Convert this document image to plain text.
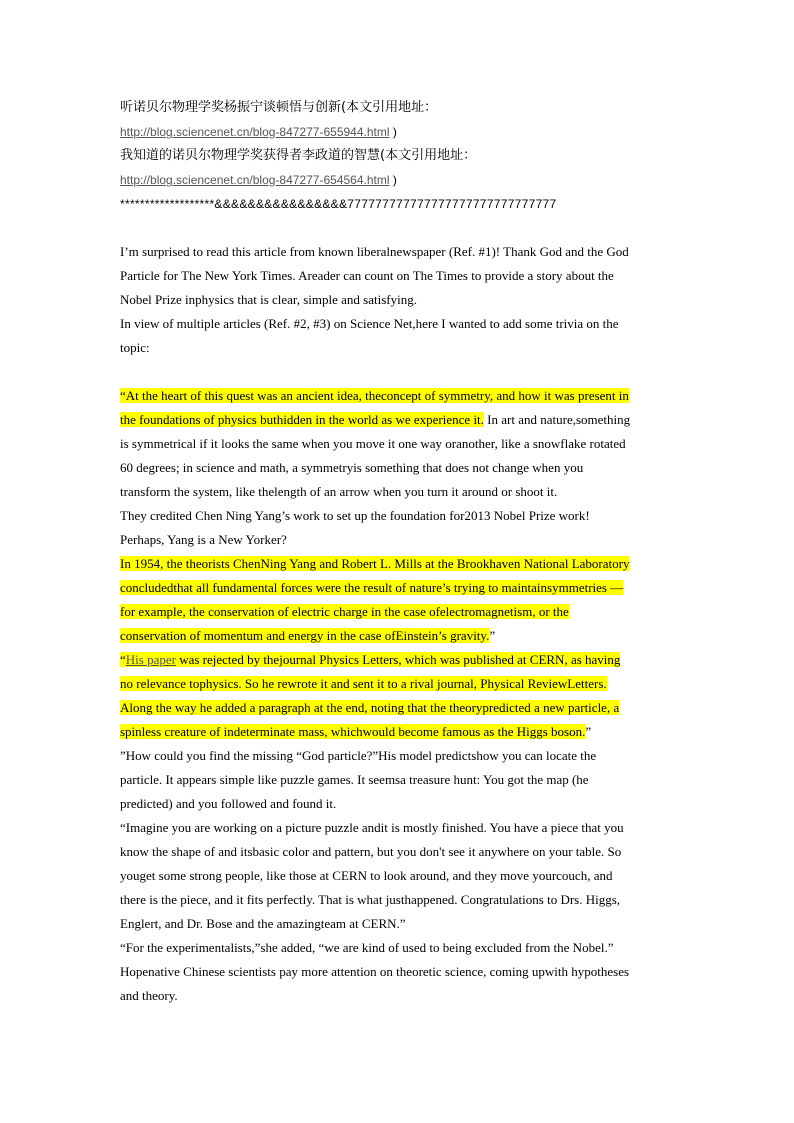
听诺贝尔物理学奖杨振宁谈顿悟与创新(本文引用地址：
http://blog.sciencenet.cn/blog-847277-655944.html )
我知道的诺贝尔物理学奖获得者李政道的智慧(本文引用地址：
http://blog.sciencenet.cn/blog-847277-654564.html )
*******************&&&&&&&&&&&&&&&&777777777777777777777777777777
I’m surprised to read this article from known liberalnewspaper (Ref. #1)! Thank God and the God
Particle for The New York Times. Areader can count on The Times to provide a story about the
Nobel Prize inphysics that is clear, simple and satisfying.
In view of multiple articles (Ref. #2, #3) on Science Net,here I wanted to add some trivia on the
topic:
“At the heart of this quest was an ancient idea, theconcept of symmetry, and how it was present in
the foundations of physics buthidden in the world as we experience it. In art and nature,something
is symmetrical if it looks the same when you move it one way oranother, like a snowflake rotated
60 degrees; in science and math, a symmetryis something that does not change when you
transform the system, like thelength of an arrow when you turn it around or shoot it.
They credited Chen Ning Yang’s work to set up the foundation for2013 Nobel Prize work!
Perhaps, Yang is a New Yorker?
In 1954, the theorists ChenNing Yang and Robert L. Mills at the Brookhaven National Laboratory
concludedthat all fundamental forces were the result of nature’s trying to maintainsymmetries —
for example, the conservation of electric charge in the case ofelectromagnetism, or the
conservation of momentum and energy in the case ofEinstein’s gravity.”
“His paper was rejected by thejournal Physics Letters, which was published at CERN, as having
no relevance tophysics. So he rewrote it and sent it to a rival journal, Physical ReviewLetters.
Along the way he added a paragraph at the end, noting that the theorypredicted a new particle, a
spinless creature of indeterminate mass, whichwould become famous as the Higgs boson.”
”How could you find the missing “God particle?”His model predictshow you can locate the
particle. It appears simple like puzzle games. It seemsa treasure hunt: You got the map (he
predicted) and you followed and found it.
“Imagine you are working on a picture puzzle andit is mostly finished. You have a piece that you
know the shape of and itsbasic color and pattern, but you don't see it anywhere on your table. So
youget some strong people, like those at CERN to look around, and they move yourcouch, and
there is the piece, and it fits perfectly. That is what justhappened. Congratulations to Drs. Higgs,
Englert, and Dr. Bose and the amazingteam at CERN.”
“For the experimentalists,”she added, “we are kind of used to being excluded from the Nobel.”
Hopenative Chinese scientists pay more attention on theoretic science, coming upwith hypotheses
and theory.
